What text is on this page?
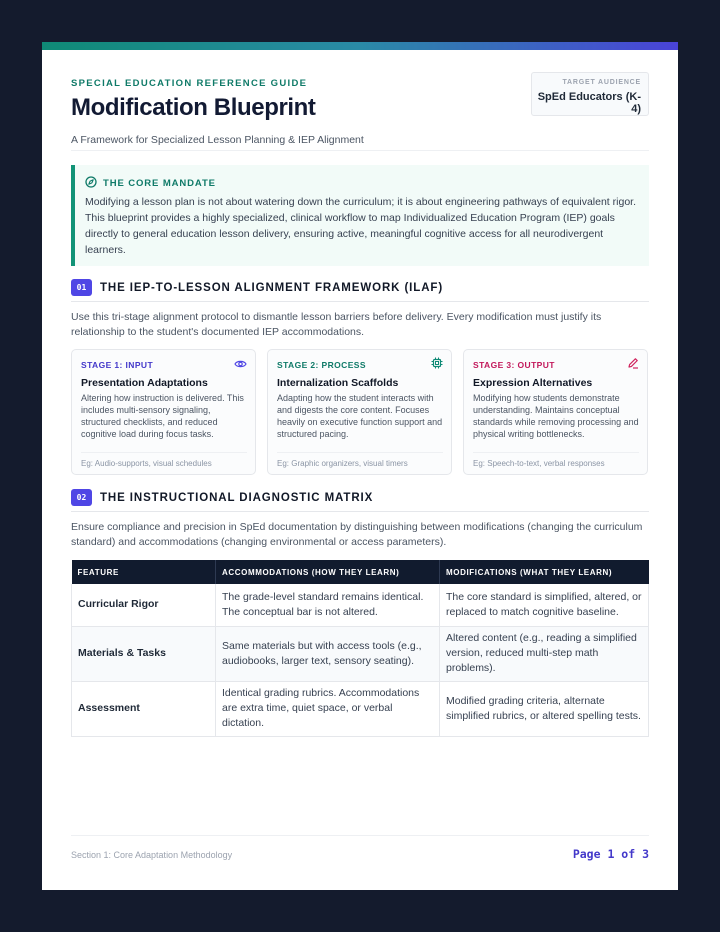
SPECIAL EDUCATION REFERENCE GUIDE
Modification Blueprint
A Framework for Specialized Lesson Planning & IEP Alignment
TARGET AUDIENCE
SpEd Educators (K-4)
THE CORE MANDATE
Modifying a lesson plan is not about watering down the curriculum; it is about engineering pathways of equivalent rigor. This blueprint provides a highly specialized, clinical workflow to map Individualized Education Program (IEP) goals directly to general education lesson delivery, ensuring active, meaningful cognitive access for all neurodivergent learners.
01	THE IEP-TO-LESSON ALIGNMENT FRAMEWORK (ILAF)
Use this tri-stage alignment protocol to dismantle lesson barriers before delivery. Every modification must justify its relationship to the student's documented IEP accommodations.
STAGE 1: INPUT
Presentation Adaptations
Altering how instruction is delivered. This includes multi-sensory signaling, structured checklists, and reduced cognitive load during focus tasks.
Eg: Audio-supports, visual schedules
STAGE 2: PROCESS
Internalization Scaffolds
Adapting how the student interacts with and digests the core content. Focuses heavily on executive function support and structured pacing.
Eg: Graphic organizers, visual timers
STAGE 3: OUTPUT
Expression Alternatives
Modifying how students demonstrate understanding. Maintains conceptual standards while removing processing and physical writing bottlenecks.
Eg: Speech-to-text, verbal responses
02	THE INSTRUCTIONAL DIAGNOSTIC MATRIX
Ensure compliance and precision in SpEd documentation by distinguishing between modifications (changing the curriculum standard) and accommodations (changing environmental or access parameters).
FEATURE	ACCOMMODATIONS (HOW THEY LEARN)	MODIFICATIONS (WHAT THEY LEARN)
Curricular Rigor	The grade-level standard remains identical. The conceptual bar is not altered.	The core standard is simplified, altered, or replaced to match cognitive baseline.
Materials & Tasks	Same materials but with access tools (e.g., audiobooks, larger text, sensory seating).	Altered content (e.g., reading a simplified version, reduced multi-step math problems).
Assessment	Identical grading rubrics. Accommodations are extra time, quiet space, or verbal dictation.	Modified grading criteria, alternate simplified rubrics, or altered spelling tests.
Section 1: Core Adaptation Methodology	Page 1 of 3
